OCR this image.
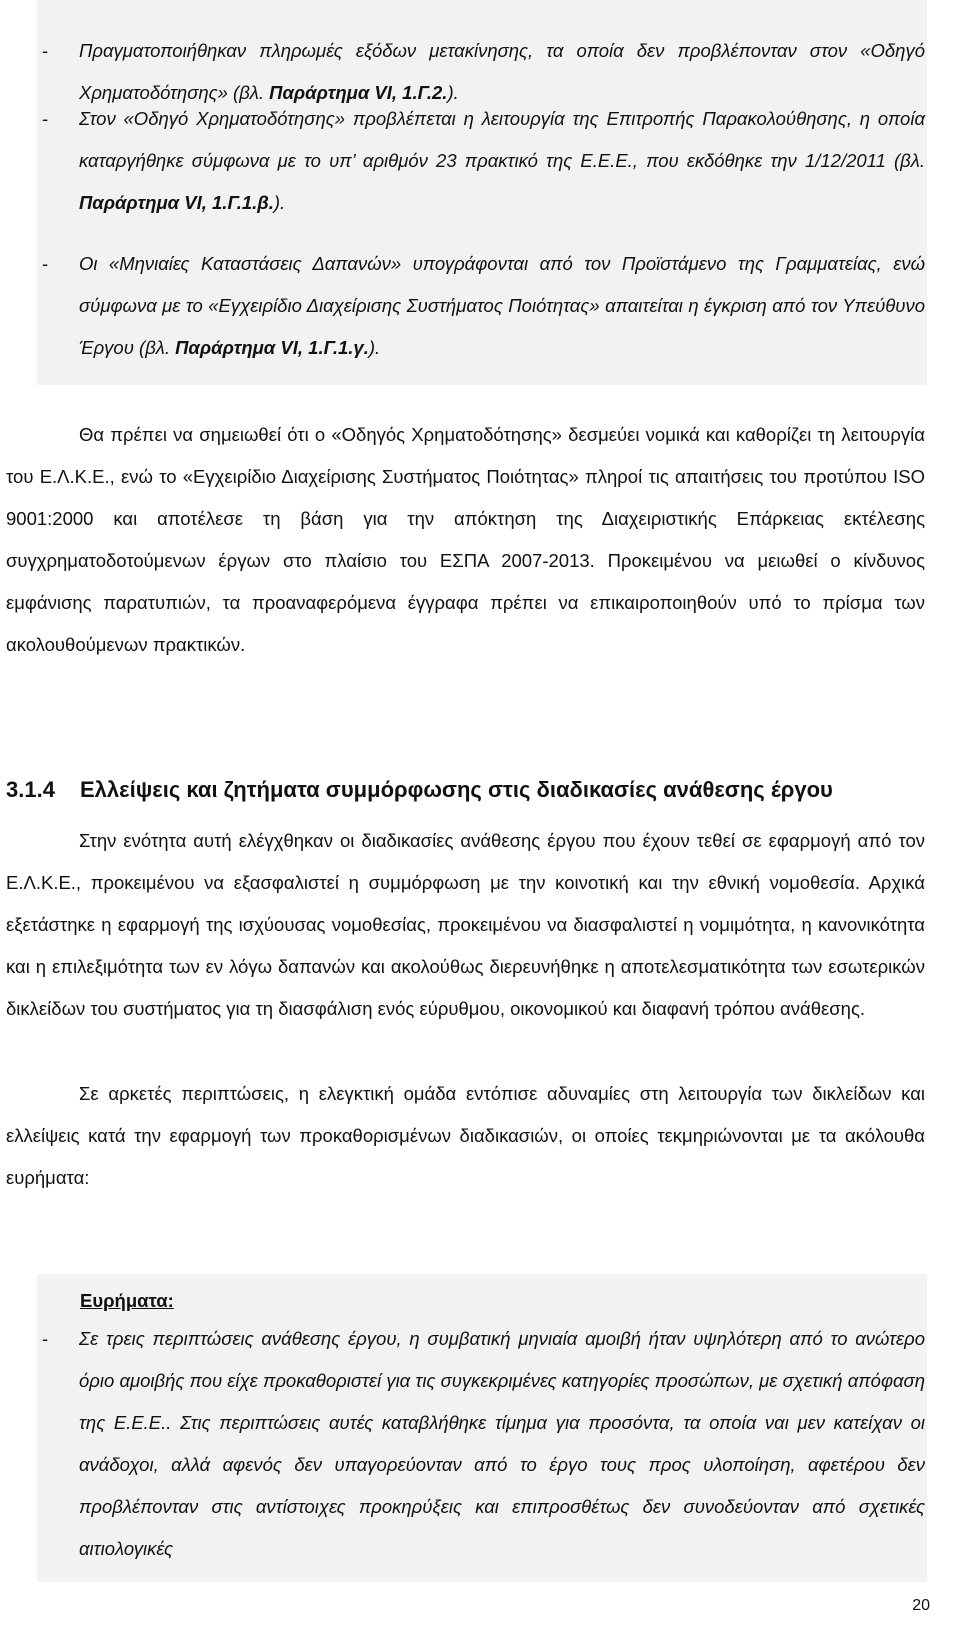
- Πραγματοποιήθηκαν πληρωμές εξόδων μετακίνησης, τα οποία δεν προβλέπονταν στον «Οδηγό Χρηματοδότησης» (βλ. Παράρτημα VI, 1.Γ.2.).
- Στον «Οδηγό Χρηματοδότησης» προβλέπεται η λειτουργία της Επιτροπής Παρακολούθησης, η οποία καταργήθηκε σύμφωνα με το υπ’ αριθμόν 23 πρακτικό της Ε.Ε.Ε., που εκδόθηκε την 1/12/2011 (βλ. Παράρτημα VI, 1.Γ.1.β.).
- Οι «Μηνιαίες Καταστάσεις Δαπανών» υπογράφονται από τον Προϊστάμενο της Γραμματείας, ενώ σύμφωνα με το «Εγχειρίδιο Διαχείρισης Συστήματος Ποιότητας» απαιτείται η έγκριση από τον Υπεύθυνο Έργου (βλ. Παράρτημα VI, 1.Γ.1.γ.).

Θα πρέπει να σημειωθεί ότι ο «Οδηγός Χρηματοδότησης» δεσμεύει νομικά και καθορίζει τη λειτουργία του Ε.Λ.Κ.Ε., ενώ το «Εγχειρίδιο Διαχείρισης Συστήματος Ποιότητας» πληροί τις απαιτήσεις του προτύπου ISO 9001:2000 και αποτέλεσε τη βάση για την απόκτηση της Διαχειριστικής Επάρκειας εκτέλεσης συγχρηματοδοτούμενων έργων στο πλαίσιο του ΕΣΠΑ 2007-2013. Προκειμένου να μειωθεί ο κίνδυνος εμφάνισης παρατυπιών, τα προαναφερόμενα έγγραφα πρέπει να επικαιροποιηθούν υπό το πρίσμα των ακολουθούμενων πρακτικών.

3.1.4 Ελλείψεις και ζητήματα συμμόρφωσης στις διαδικασίες ανάθεσης έργου

Στην ενότητα αυτή ελέγχθηκαν οι διαδικασίες ανάθεσης έργου που έχουν τεθεί σε εφαρμογή από τον Ε.Λ.Κ.Ε., προκειμένου να εξασφαλιστεί η συμμόρφωση με την κοινοτική και την εθνική νομοθεσία. Αρχικά εξετάστηκε η εφαρμογή της ισχύουσας νομοθεσίας, προκειμένου να διασφαλιστεί η νομιμότητα, η κανονικότητα και η επιλεξιμότητα των εν λόγω δαπανών και ακολούθως διερευνήθηκε η αποτελεσματικότητα των εσωτερικών δικλείδων του συστήματος για τη διασφάλιση ενός εύρυθμου, οικονομικού και διαφανή τρόπου ανάθεσης.

Σε αρκετές περιπτώσεις, η ελεγκτική ομάδα εντόπισε αδυναμίες στη λειτουργία των δικλείδων και ελλείψεις κατά την εφαρμογή των προκαθορισμένων διαδικασιών, οι οποίες τεκμηριώνονται με τα ακόλουθα ευρήματα:

Ευρήματα:
- Σε τρεις περιπτώσεις ανάθεσης έργου, η συμβατική μηνιαία αμοιβή ήταν υψηλότερη από το ανώτερο όριο αμοιβής που είχε προκαθοριστεί για τις συγκεκριμένες κατηγορίες προσώπων, με σχετική απόφαση της Ε.Ε.Ε.. Στις περιπτώσεις αυτές καταβλήθηκε τίμημα για προσόντα, τα οποία ναι μεν κατείχαν οι ανάδοχοι, αλλά αφενός δεν υπαγορεύονταν από το έργο τους προς υλοποίηση, αφετέρου δεν προβλέπονταν στις αντίστοιχες προκηρύξεις και επιπροσθέτως δεν συνοδεύονταν από σχετικές αιτιολογικές
20
